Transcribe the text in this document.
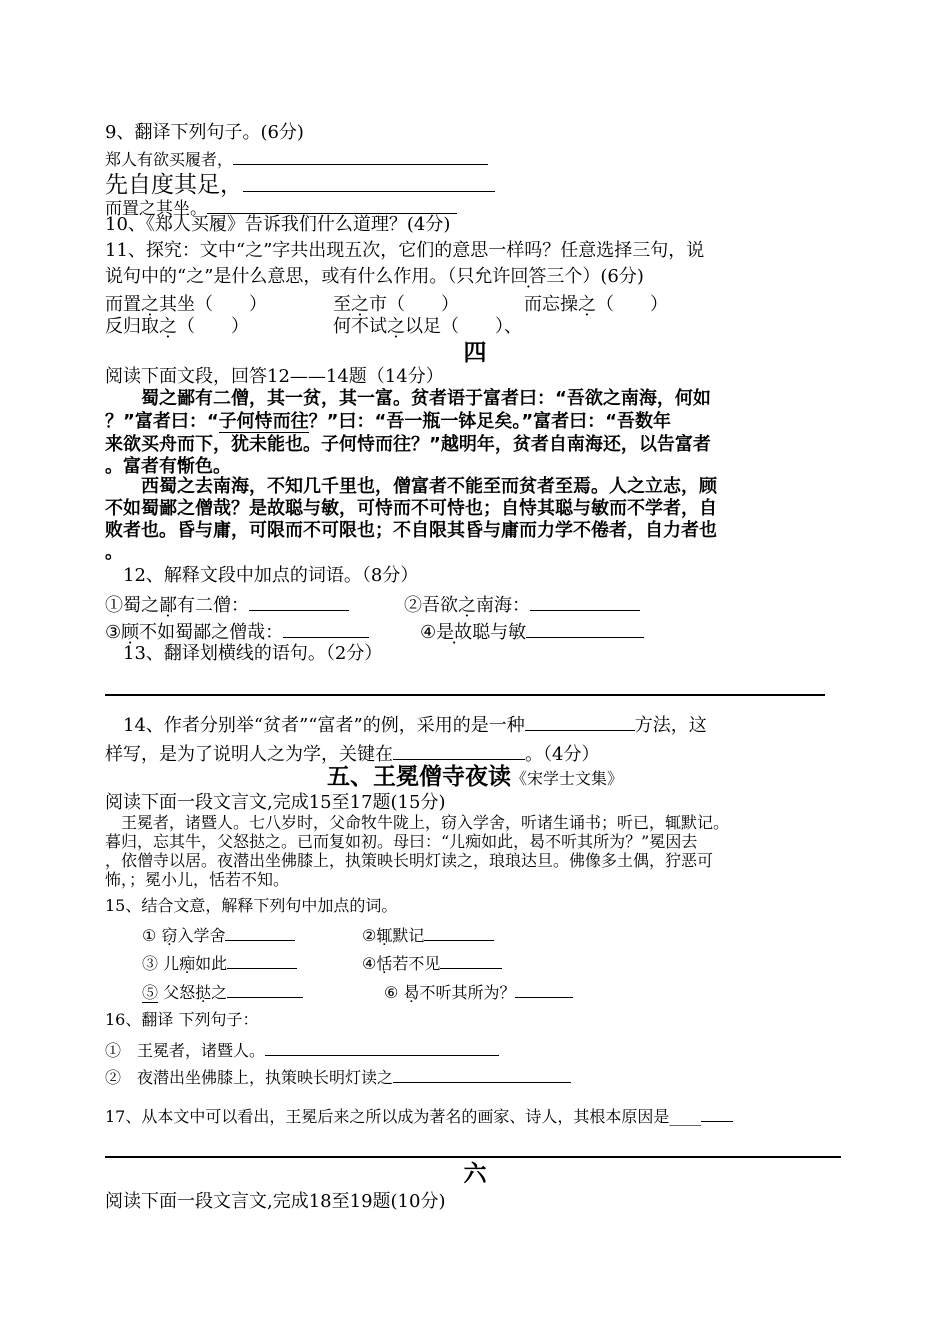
9、翻译下列句子。(6分)
郑人有欲买履者，
先自度其足，
而置之其坐。
10、《郑人买履》告诉我们什么道理？(4分)
11、探究：文中“之”字共出现五次，它们的意思一样吗？任意选择三句，说
说句中的“之”是什么意思，或有什么作用。（只允许回答三个 ·）(6分)
而置之其坐（　　）	至之市（　　）	而忘操之（　　）
反归取之（　　）	何不试之以足（　　）、
四
阅读下面文段，回答12——14题（14分）
　　蜀之鄙有二僧，其一贫，其一富。贫者语于富者曰：“吾欲之南海，何如
？”富者曰：“子何恃而往？”曰：“吾一瓶一钵足矣。”富者曰：“吾数年
来欲买舟而下，犹未能也。子何恃而往？”越明年，贫者自南海还，以告富者
。富者有惭色。
　　西蜀之去南海，不知几千里也，僧富者不能至而贫者至焉。人之立志，顾
不如蜀鄙之僧哉？是故聪与敏，可恃而不可恃也；自恃其聪与敏而不学者，自
败者也。昏与庸，可限而不可限也；不自限其昏与庸而力学不倦者，自力者也
。
　12、解释文段中加点的词语。（8分）
①蜀之鄙有二僧：	②吾欲之南海：
③顾不如蜀鄙之僧哉：	④是故聪与敏
　13、翻译划横线的语句。（2分）
　14、作者分别举“贫者”“富者”的例，采用的是一种	方法，这
样写，是为了说明人之为学，关键在	。（4分）
五、王冕僧寺夜读《宋学士文集》
阅读下面一段文言文,完成15至17题(15分)
　王冕者，诸暨人。七八岁时，父命牧牛陇上，窃入学舍，听诸生诵书；听已，辄默记。
暮归，忘其牛，父怒挞之。已而复如初。母曰：“儿痴如此，曷不听其所为？”冕因去
，依僧寺以居。夜潜出坐佛膝上，执策映长明灯读之，琅琅达旦。佛像多土偶，狞恶可
怖，；冕小儿，恬若不知。
15、结合文意，解释下列句中加点的词。
① 窃入学舍	②辄默记
③ 儿痴如此	④恬若不见
⑤ 父怒挞之	⑥ 曷不听其所为？
16、翻译 下列句子：
①　王冕者，诸暨人。
②　夜潜出坐佛膝上，执策映长明灯读之
17、从本文中可以看出，王冕后来之所以成为著名的画家、诗人，其根本原因是____
六
阅读下面一段文言文,完成18至19题(10分)
